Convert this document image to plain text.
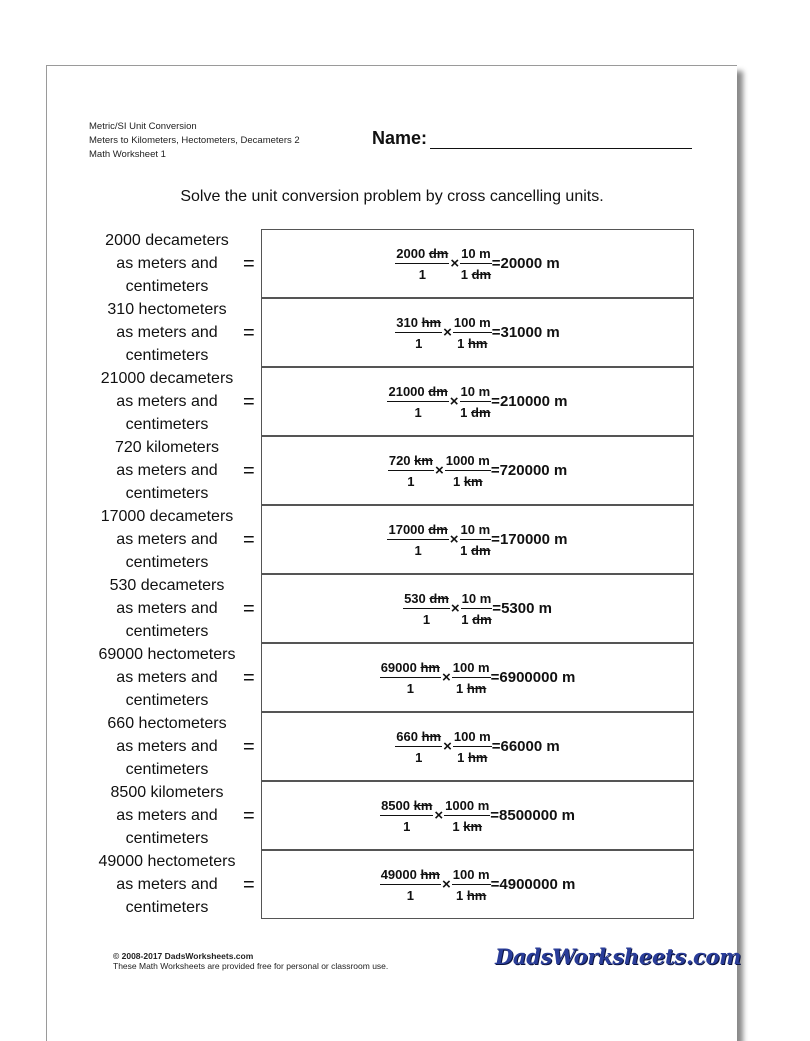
Metric/SI Unit Conversion
Meters to Kilometers, Hectometers, Decameters 2
Math Worksheet 1
Name:
Solve the unit conversion problem by cross cancelling units.
2000 decameters
as meters and
centimeters
=	$\frac{2000 dm}{1} \times \frac{10 m}{1 dm} = 20000$ m
310 hectometers
as meters and
centimeters
=	$\frac{310 hm}{1} \times \frac{100 m}{1 hm} = 31000$ m
21000 decameters
as meters and
centimeters
=	$\frac{21000 dm}{1} \times \frac{10 m}{1 dm} = 210000$ m
720 kilometers
as meters and
centimeters
=	$\frac{720 km}{1} \times \frac{1000 m}{1 km} = 720000$ m
17000 decameters
as meters and
centimeters
=	$\frac{17000 dm}{1} \times \frac{10 m}{1 dm} = 170000$ m
530 decameters
as meters and
centimeters
=	$\frac{530 dm}{1} \times \frac{10 m}{1 dm} = 5300$ m
69000 hectometers
as meters and
centimeters
=	$\frac{69000 hm}{1} \times \frac{100 m}{1 hm} = 6900000$ m
660 hectometers
as meters and
centimeters
=	$\frac{660 hm}{1} \times \frac{100 m}{1 hm} = 66000$ m
8500 kilometers
as meters and
centimeters
=	$\frac{8500 km}{1} \times \frac{1000 m}{1 km} = 8500000$ m
49000 hectometers
as meters and
centimeters
=	$\frac{49000 hm}{1} \times \frac{100 m}{1 hm} = 4900000$ m
© 2008-2017 DadsWorksheets.com
These Math Worksheets are provided free for personal or classroom use.	DadsWorksheets.com
